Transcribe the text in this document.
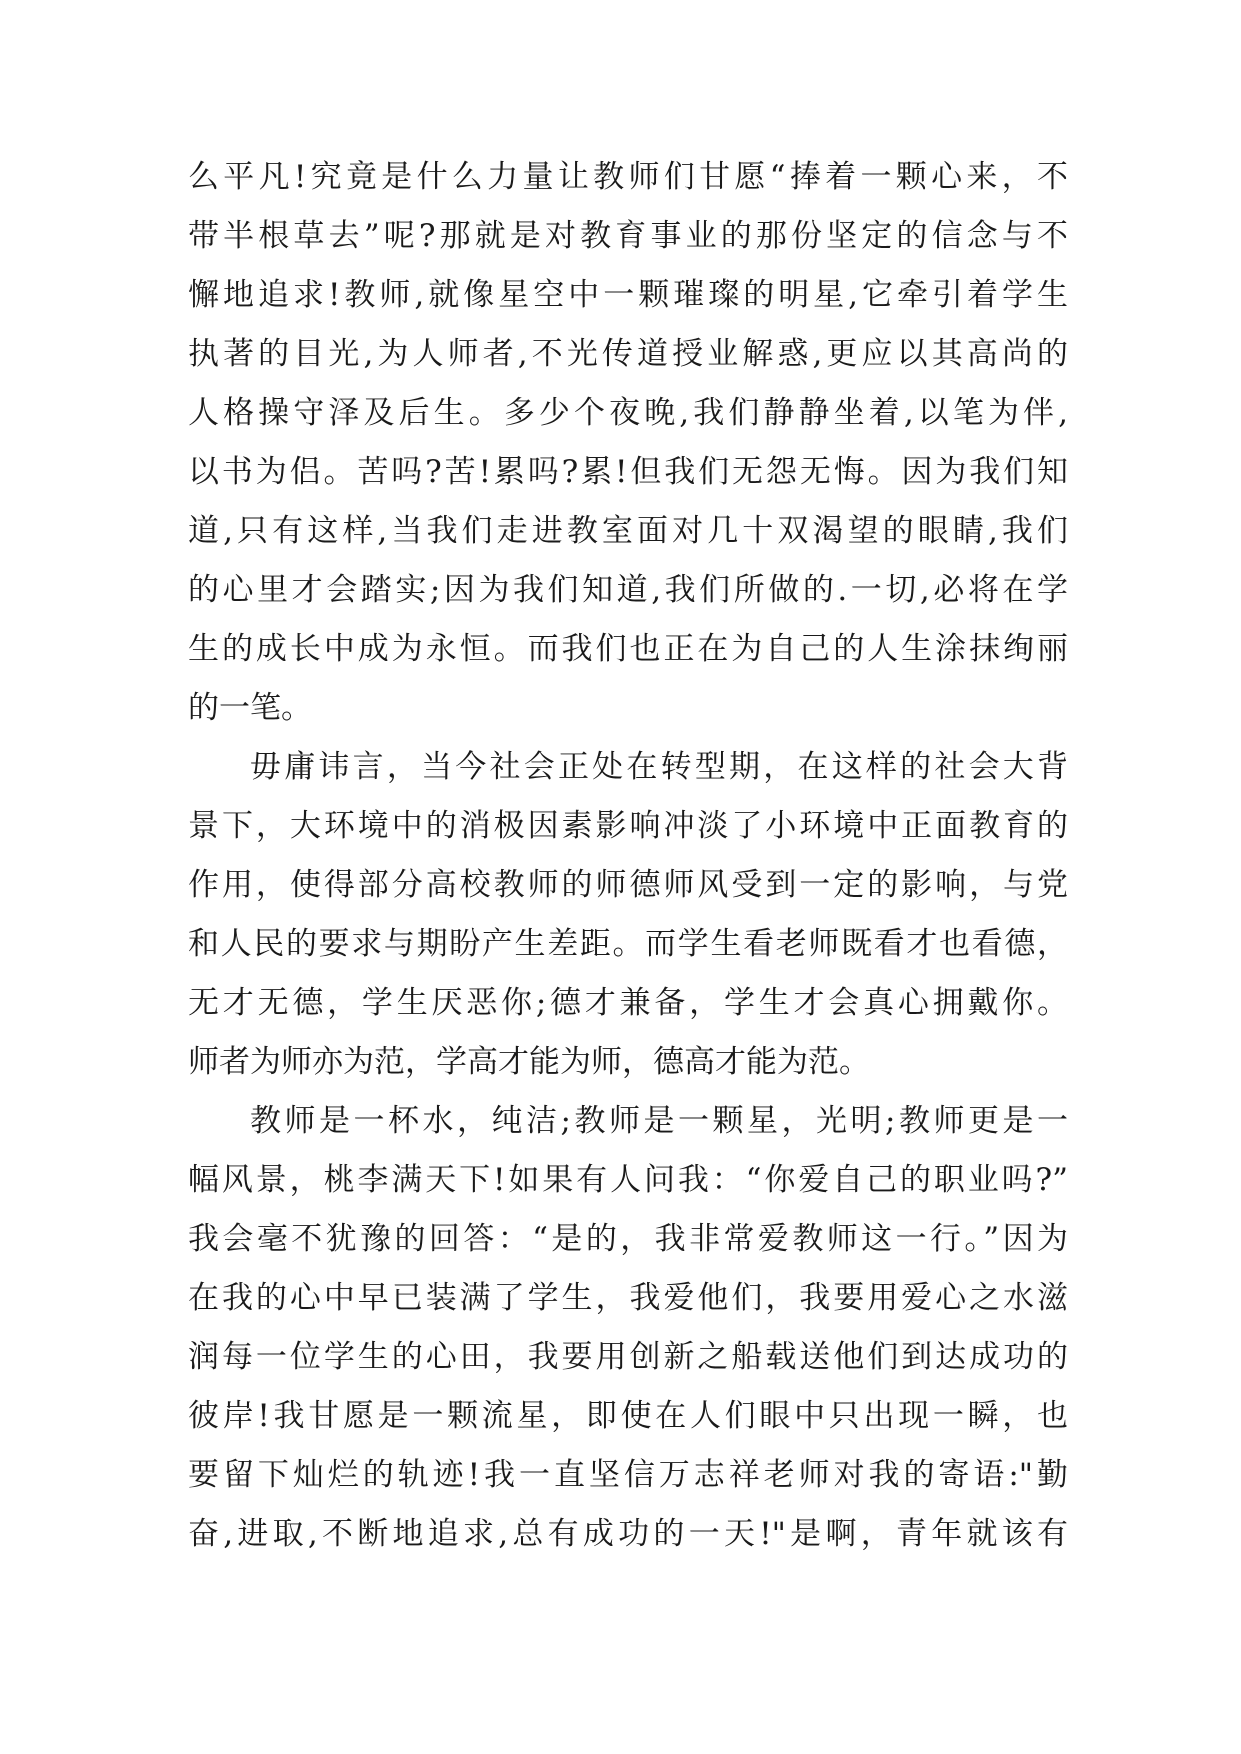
么平凡!究竟是什么力量让教师们甘愿“捧着一颗心来，不
带半根草去”呢?那就是对教育事业的那份坚定的信念与不
懈地追求!教师,就像星空中一颗璀璨的明星,它牵引着学生
执著的目光,为人师者,不光传道授业解惑,更应以其高尚的
人格操守泽及后生。多少个夜晚,我们静静坐着,以笔为伴,
以书为侣。苦吗?苦!累吗?累!但我们无怨无悔。因为我们知
道,只有这样,当我们走进教室面对几十双渴望的眼睛,我们
的心里才会踏实;因为我们知道,我们所做的.一切,必将在学
生的成长中成为永恒。而我们也正在为自己的人生涂抹绚丽
的一笔。
毋庸讳言，当今社会正处在转型期，在这样的社会大背
景下，大环境中的消极因素影响冲淡了小环境中正面教育的
作用，使得部分高校教师的师德师风受到一定的影响，与党
和人民的要求与期盼产生差距。而学生看老师既看才也看德，
无才无德，学生厌恶你;德才兼备，学生才会真心拥戴你。
师者为师亦为范，学高才能为师，德高才能为范。
教师是一杯水，纯洁;教师是一颗星，光明;教师更是一
幅风景，桃李满天下!如果有人问我：“你爱自己的职业吗?”
我会毫不犹豫的回答：“是的，我非常爱教师这一行。”因为
在我的心中早已装满了学生，我爱他们，我要用爱心之水滋
润每一位学生的心田，我要用创新之船载送他们到达成功的
彼岸!我甘愿是一颗流星，即使在人们眼中只出现一瞬，也
要留下灿烂的轨迹!我一直坚信万志祥老师对我的寄语:"勤
奋,进取,不断地追求,总有成功的一天!"是啊，青年就该有
